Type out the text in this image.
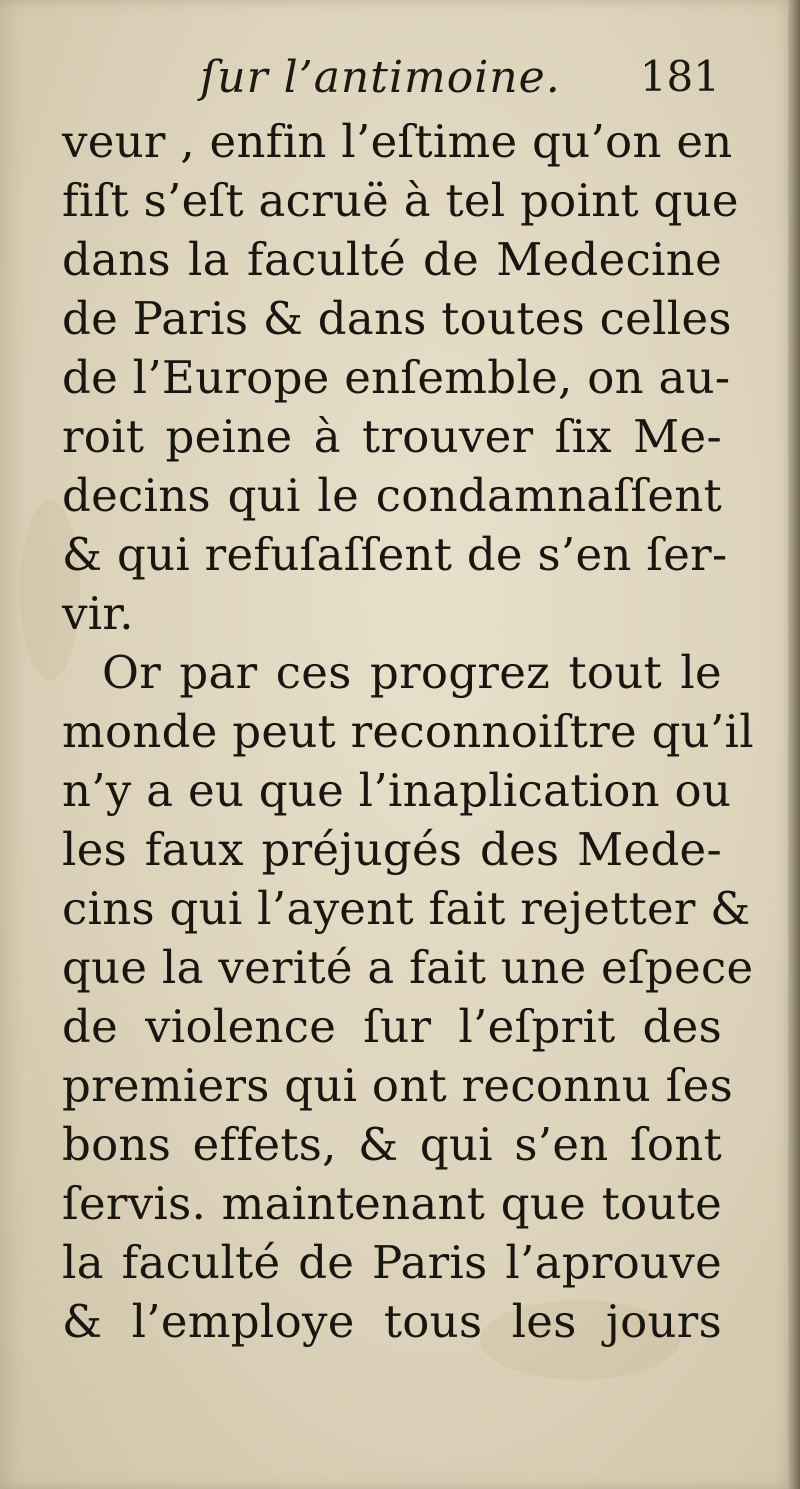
ſur l’antimoine. 181
veur , enfin l’eſtime qu’on en
fiſt s’eſt acruë à tel point que
dans la faculté de Medecine
de Paris & dans toutes celles
de l’Europe enſemble, on au-
roit peine à trouver ſix Me-
decins qui le condamnaſſent
& qui refuſaſſent de s’en ſer-
vir.
Or par ces progrez tout le
monde peut reconnoiſtre qu’il
n’y a eu que l’inaplication ou
les faux préjugés des Mede-
cins qui l’ayent fait rejetter &
que la verité a fait une eſpece
de violence ſur l’eſprit des
premiers qui ont reconnu ſes
bons effets, & qui s’en ſont
ſervis. maintenant que toute
la faculté de Paris l’aprouve
& l’employe tous les jours
